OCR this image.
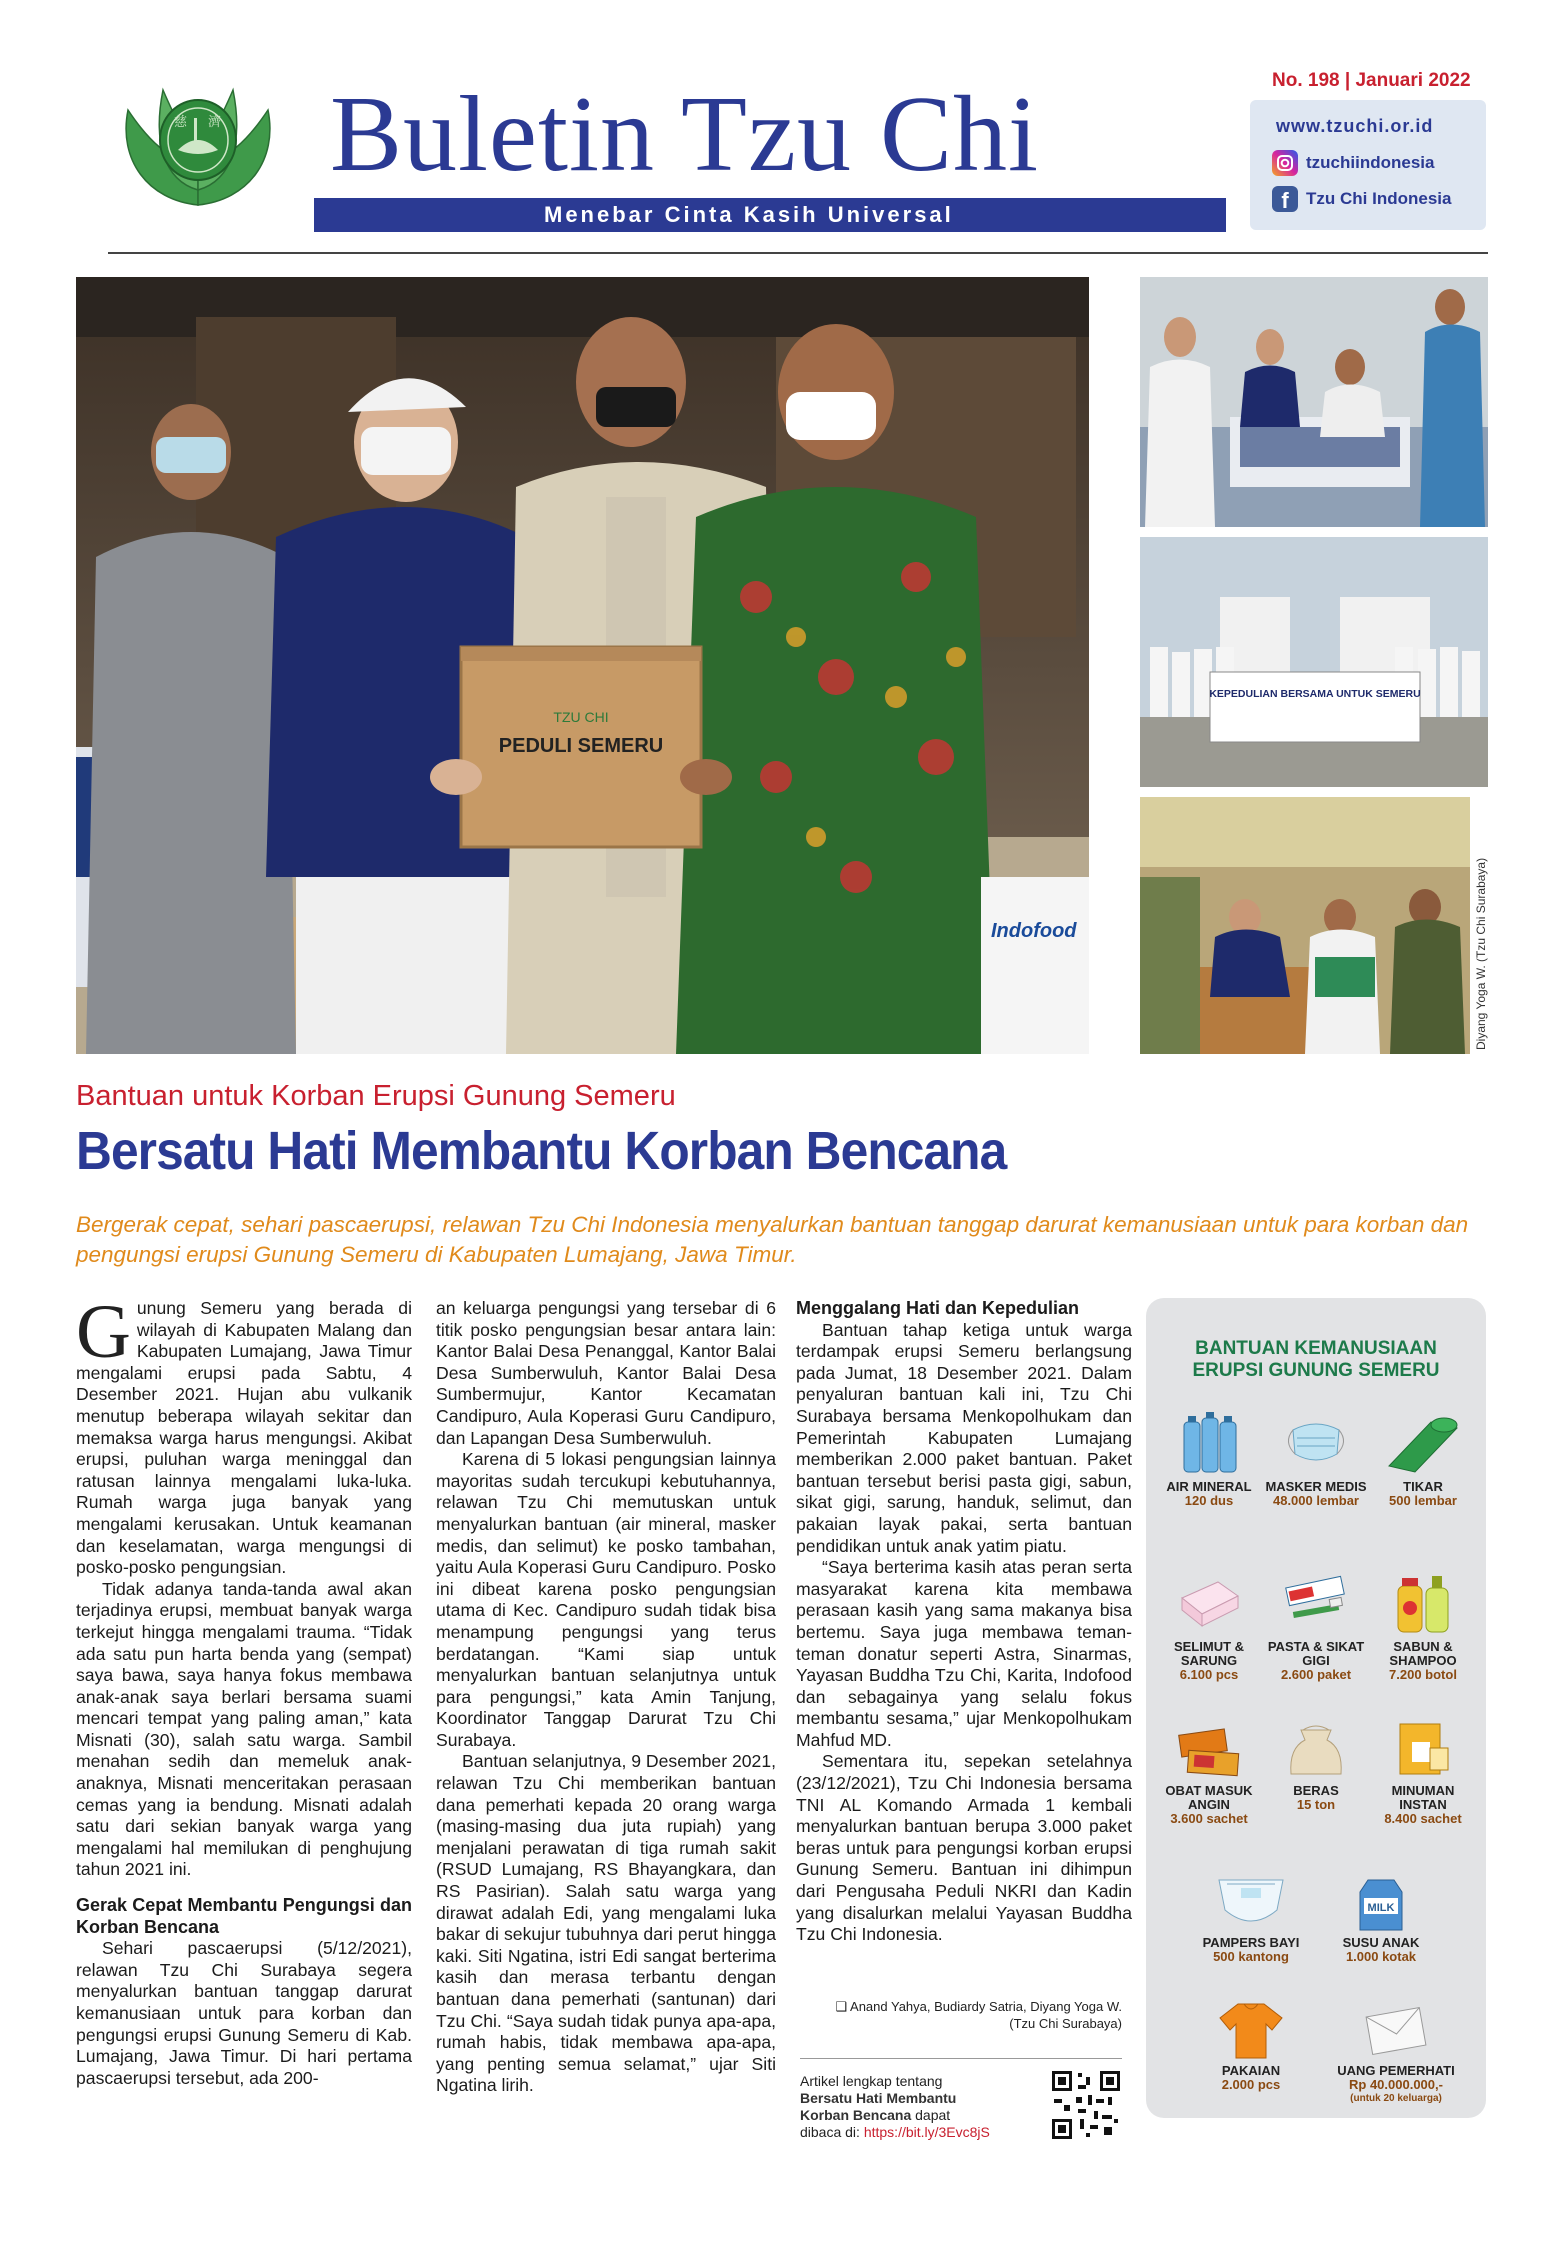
慈 濟 Buletin Tzu Chi
Menebar Cinta Kasih Universal
No. 198 | Januari 2022
www.tzuchi.or.id
tzuchiindonesia
f	Tzu Chi Indonesia
TZU CHI
PEDULI SEMERU
Indofood
KEPEDULIAN BERSAMA UNTUK SEMERU
Diyang Yoga W. (Tzu Chi Surabaya)
Bantuan untuk Korban Erupsi Gunung Semeru
Bersatu Hati Membantu Korban Bencana
Bergerak cepat, sehari pascaerupsi, relawan Tzu Chi Indonesia menyalurkan bantuan tanggap darurat kemanusiaan untuk para korban dan pengungsi erupsi Gunung Semeru di Kabupaten Lumajang, Jawa Timur.

Gunung Semeru yang berada di wilayah di Kabupaten Malang dan Kabupaten Lumajang, Jawa Timur mengalami erupsi pada Sabtu, 4 Desember 2021. Hujan abu vulkanik menutup beberapa wilayah sekitar dan memaksa warga harus mengungsi. Akibat erupsi, puluhan warga meninggal dan ratusan lainnya mengalami luka-luka. Rumah warga juga banyak yang mengalami kerusakan. Untuk keamanan dan keselamatan, warga mengungsi di posko-posko pengungsian.

Tidak adanya tanda-tanda awal akan terjadinya erupsi, membuat banyak warga terkejut hingga mengalami trauma. “Tidak ada satu pun harta benda yang (sempat) saya bawa, saya hanya fokus membawa anak-anak saya berlari bersama suami mencari tempat yang paling aman,” kata Misnati (30), salah satu warga. Sambil menahan sedih dan memeluk anak-anaknya, Misnati menceritakan perasaan cemas yang ia bendung. Misnati adalah satu dari sekian banyak warga yang mengalami hal memilukan di penghujung tahun 2021 ini.

Gerak Cepat Membantu Pengungsi dan Korban Bencana

Sehari pascaerupsi (5/12/2021), relawan Tzu Chi Surabaya segera menyalurkan bantuan tanggap darurat kemanusiaan untuk para korban dan pengungsi erupsi Gunung Semeru di Kab. Lumajang, Jawa Timur. Di hari pertama pascaerupsi tersebut, ada 200-

an keluarga pengungsi yang tersebar di 6 titik posko pengungsian besar antara lain: Kantor Balai Desa Penanggal, Kantor Balai Desa Sumberwuluh, Kantor Balai Desa Sumbermujur, Kantor Kecamatan Candipuro, Aula Koperasi Guru Candipuro, dan Lapangan Desa Sumberwuluh.

Karena di 5 lokasi pengungsian lainnya mayoritas sudah tercukupi kebutuhannya, relawan Tzu Chi memutuskan untuk menyalurkan bantuan (air mineral, masker medis, dan selimut) ke posko tambahan, yaitu Aula Koperasi Guru Candipuro. Posko ini dibeat karena posko pengungsian utama di Kec. Candipuro sudah tidak bisa menampung pengungsi yang terus berdatangan. “Kami siap untuk menyalurkan bantuan selanjutnya untuk para pengungsi,” kata Amin Tanjung, Koordinator Tanggap Darurat Tzu Chi Surabaya.

Bantuan selanjutnya, 9 Desember 2021, relawan Tzu Chi memberikan bantuan dana pemerhati kepada 20 orang warga (masing-masing dua juta rupiah) yang menjalani perawatan di tiga rumah sakit (RSUD Lumajang, RS Bhayangkara, dan RS Pasirian). Salah satu warga yang dirawat adalah Edi, yang mengalami luka bakar di sekujur tubuhnya dari perut hingga kaki. Siti Ngatina, istri Edi sangat berterima kasih dan merasa terbantu dengan bantuan dana pemerhati (santunan) dari Tzu Chi. “Saya sudah tidak punya apa-apa, rumah habis, tidak membawa apa-apa, yang penting semua selamat,” ujar Siti Ngatina lirih.

Menggalang Hati dan Kepedulian

Bantuan tahap ketiga untuk warga terdampak erupsi Semeru berlangsung pada Jumat, 18 Desember 2021. Dalam penyaluran bantuan kali ini, Tzu Chi Surabaya bersama Menkopolhukam dan Pemerintah Kabupaten Lumajang memberikan 2.000 paket bantuan. Paket bantuan tersebut berisi pasta gigi, sabun, sikat gigi, sarung, handuk, selimut, dan pakaian layak pakai, serta bantuan pendidikan untuk anak yatim piatu.

“Saya berterima kasih atas peran serta masyarakat karena kita membawa perasaan kasih yang sama makanya bisa bertemu. Saya juga membawa teman-teman donatur seperti Astra, Sinarmas, Yayasan Buddha Tzu Chi, Karita, Indofood dan sebagainya yang selalu fokus membantu sesama,” ujar Menkopolhukam Mahfud MD.

Sementara itu, sepekan setelahnya (23/12/2021), Tzu Chi Indonesia bersama TNI AL Komando Armada 1 kembali menyalurkan bantuan berupa 3.000 paket beras untuk para pengungsi korban erupsi Gunung Semeru. Bantuan ini dihimpun dari Pengusaha Peduli NKRI dan Kadin yang disalurkan melalui Yayasan Buddha Tzu Chi Indonesia.

❑ Anand Yahya, Budiardy Satria, Diyang Yoga W.
(Tzu Chi Surabaya)
Artikel lengkap tentang
Bersatu Hati Membantu Korban Bencana dapat dibaca di: https://bit.ly/3Evc8jS
BANTUAN KEMANUSIAAN ERUPSI GUNUNG SEMERU
AIR MINERAL
120 dus
MASKER MEDIS
48.000 lembar
TIKAR
500 lembar
SELIMUT & SARUNG
6.100 pcs
PASTA & SIKAT GIGI
2.600 paket
SABUN & SHAMPOO
7.200 botol
OBAT MASUK ANGIN
3.600 sachet
BERAS
15 ton
MINUMAN INSTAN
8.400 sachet
PAMPERS BAYI
500 kantong
MILK
SUSU ANAK
1.000 kotak
PAKAIAN
2.000 pcs
UANG PEMERHATI
Rp 40.000.000,-
(untuk 20 keluarga)
